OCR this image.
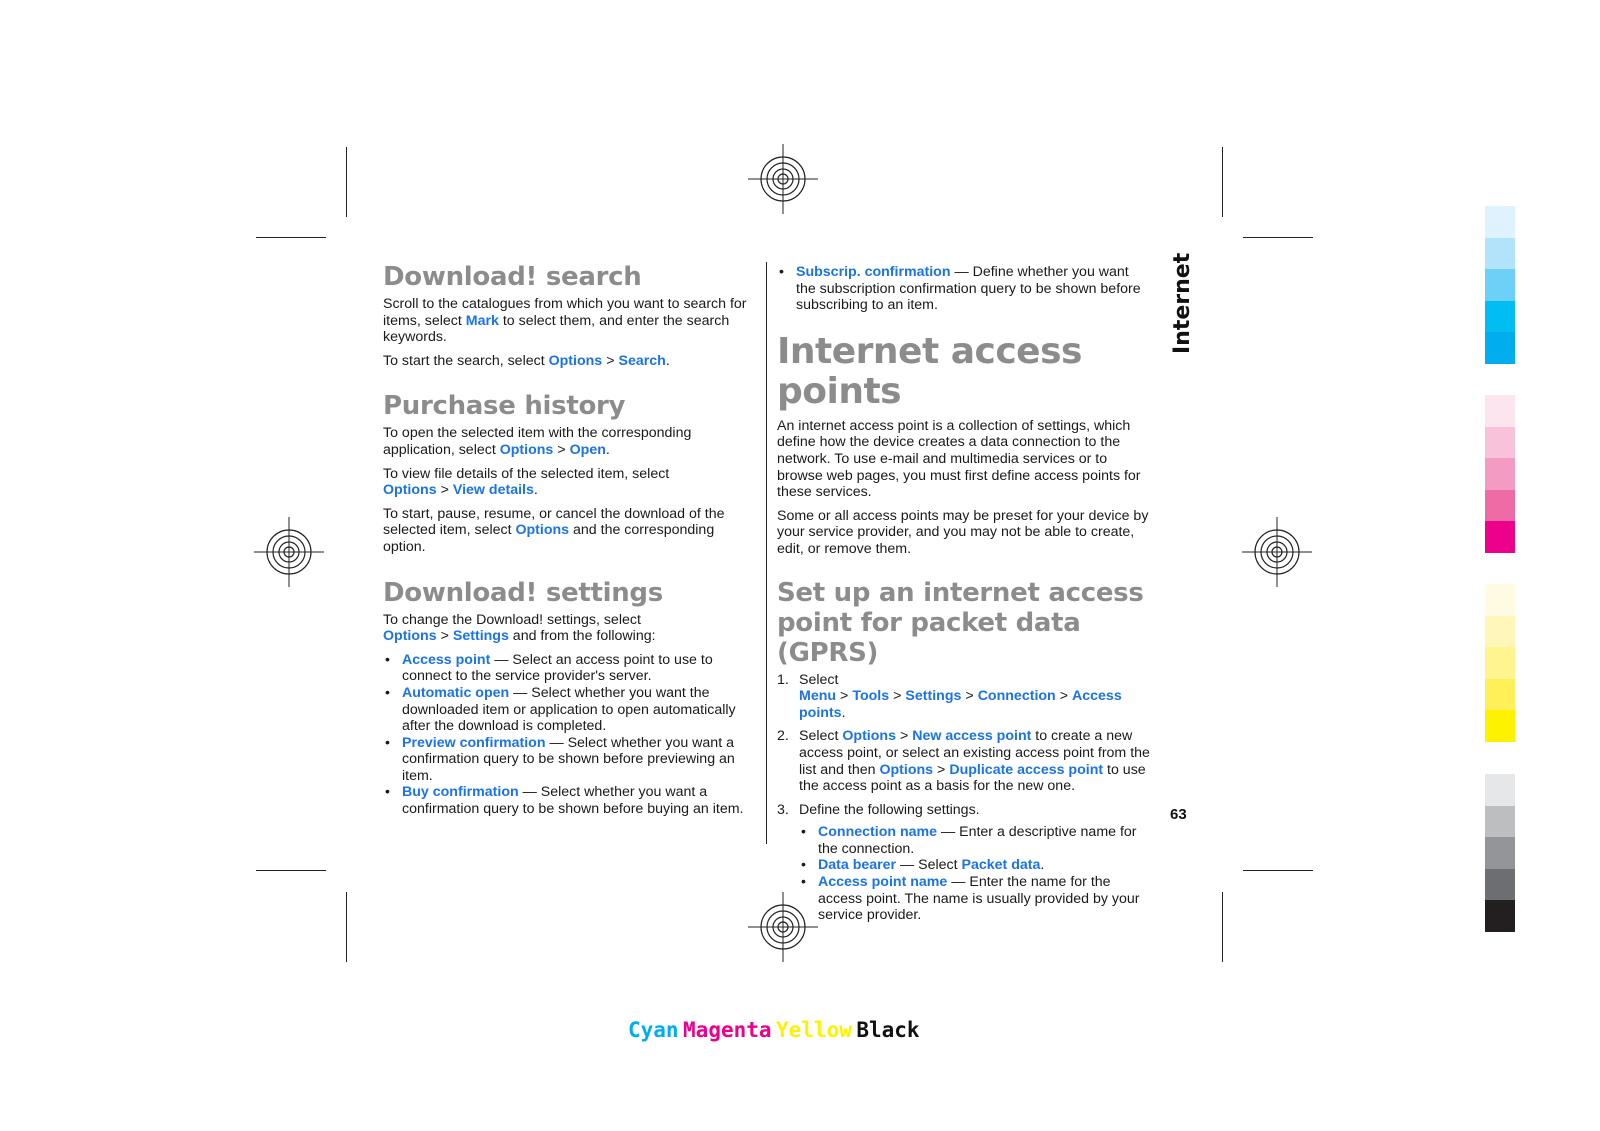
Download! search

Scroll to the catalogues from which you want to search for items, select Mark to select them, and enter the search keywords.

To start the search, select Options > Search.

Purchase history

To open the selected item with the corresponding application, select Options > Open.

To view file details of the selected item, select Options > View details.

To start, pause, resume, or cancel the download of the selected item, select Options and the corresponding option.

Download! settings

To change the Download! settings, select Options > Settings and from the following:

• Access point — Select an access point to use to connect to the service provider's server.
• Automatic open — Select whether you want the downloaded item or application to open automatically after the download is completed.
• Preview confirmation — Select whether you want a confirmation query to be shown before previewing an item.
• Buy confirmation — Select whether you want a confirmation query to be shown before buying an item.
• Subscrip. confirmation — Define whether you want the subscription confirmation query to be shown before subscribing to an item.
Internet access points

An internet access point is a collection of settings, which define how the device creates a data connection to the network. To use e-mail and multimedia services or to browse web pages, you must first define access points for these services.

Some or all access points may be preset for your device by your service provider, and you may not be able to create, edit, or remove them.

Set up an internet access point for packet data (GPRS)
1. Select Menu > Tools > Settings > Connection > Access points.
2. Select Options > New access point to create a new access point, or select an existing access point from the list and then Options > Duplicate access point to use the access point as a basis for the new one.
3. Define the following settings.
• Connection name — Enter a descriptive name for the connection.
• Data bearer — Select Packet data.
• Access point name — Enter the name for the access point. The name is usually provided by your service provider.
Internet
63
Cyan Magenta Yellow Black
